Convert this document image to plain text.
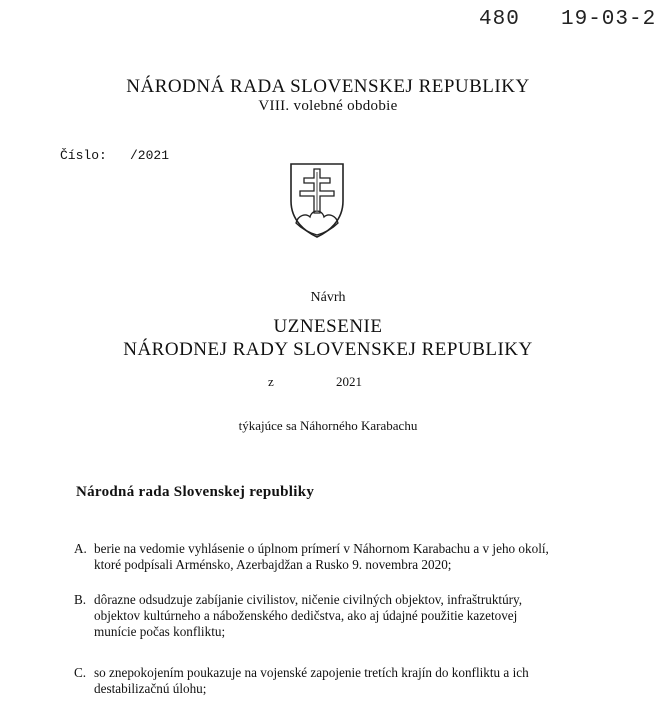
480 19-03-2
NÁRODNÁ RADA SLOVENSKEJ REPUBLIKY
VIII. volebné obdobie
Číslo: /2021
Návrh
UZNESENIE
NÁRODNEJ RADY SLOVENSKEJ REPUBLIKY
z	2021
týkajúce sa Náhorného Karabachu
Národná rada Slovenskej republiky
A. berie na vedomie vyhlásenie o úplnom prímerí v Náhornom Karabachu a v jeho okolí,
ktoré podpísali Arménsko, Azerbajdžan a Rusko 9. novembra 2020;
B. dôrazne odsudzuje zabíjanie civilistov, ničenie civilných objektov, infraštruktúry,
objektov kultúrneho a náboženského dedičstva, ako aj údajné použitie kazetovej
munície počas konfliktu;
C. so znepokojením poukazuje na vojenské zapojenie tretích krajín do konfliktu a ich
destabilizačnú úlohu;
